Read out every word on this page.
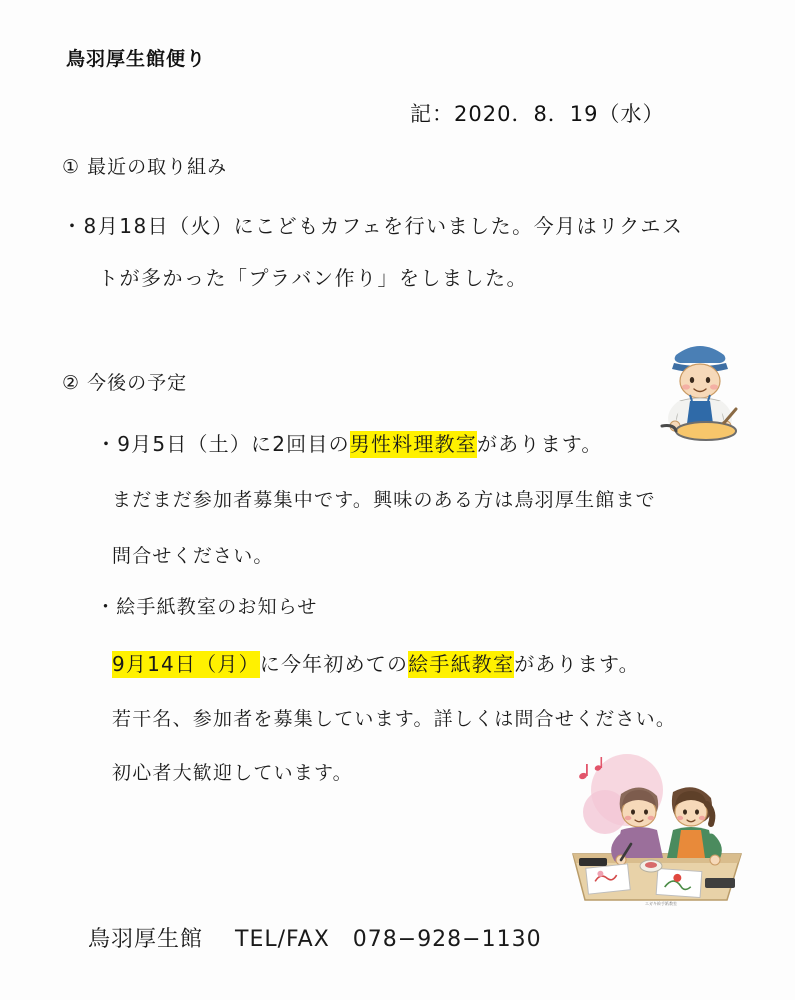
鳥羽厚生館便り
記：2020．8．19（水）
① 最近の取り組み
・8月18日（火）にこどもカフェを行いました。今月はリクエス
トが多かった「プラバン作り」をしました。
② 今後の予定
・9月5日（土）に2回目の男性料理教室があります。
まだまだ参加者募集中です。興味のある方は鳥羽厚生館まで
問合せください。
・絵手紙教室のお知らせ
9月14日（月）に今年初めての絵手紙教室があります。
若干名、参加者を募集しています。詳しくは問合せください。
初心者大歓迎しています。
エガキ絵手紙教室
鳥羽厚生館 TEL/FAX　078−928−1130
